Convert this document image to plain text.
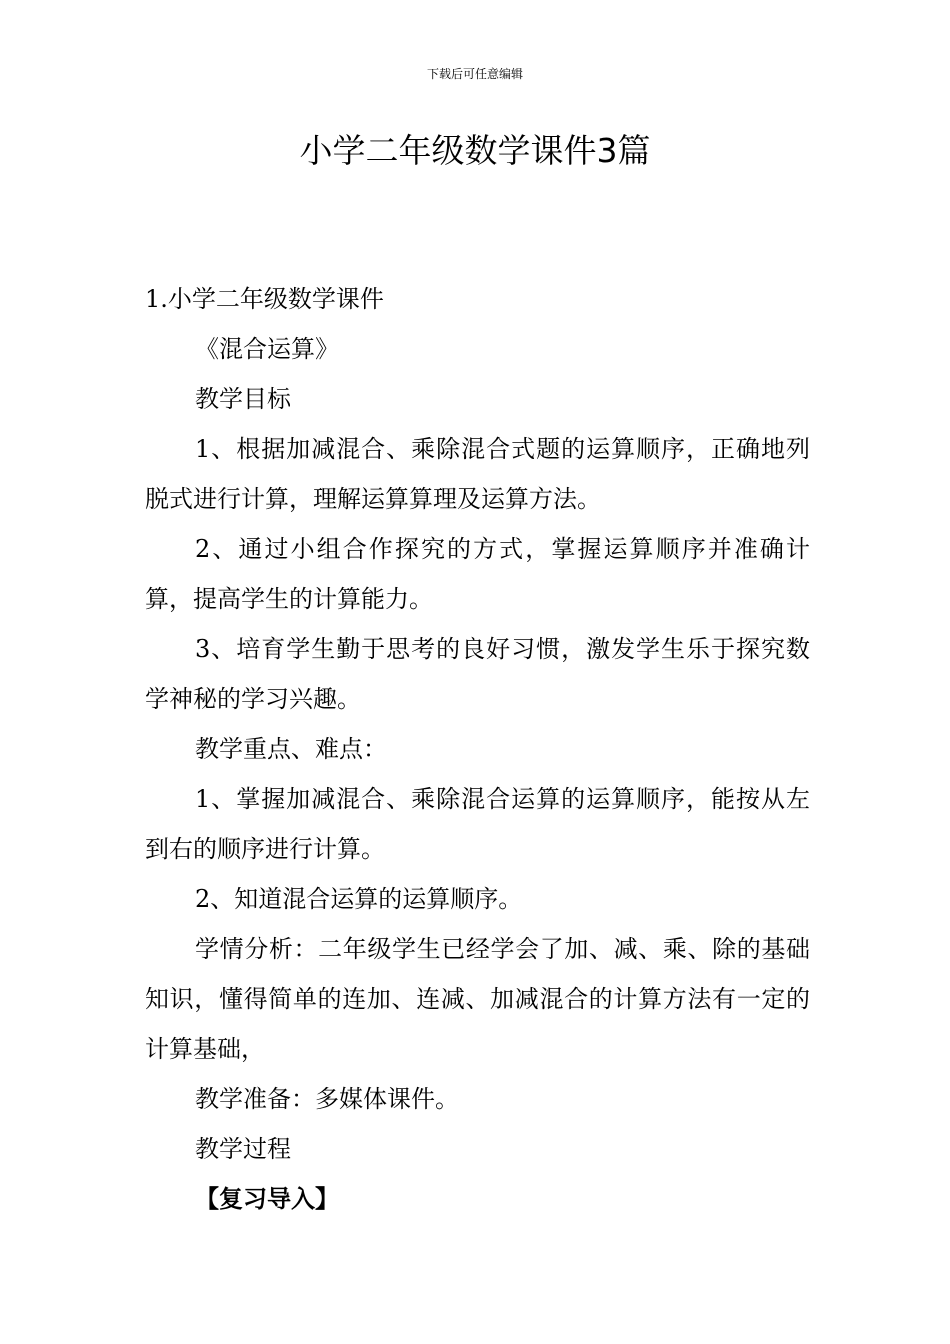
下载后可任意编辑
小学二年级数学课件3篇

1.小学二年级数学课件

《混合运算》

教学目标

1、根据加减混合、乘除混合式题的运算顺序，正确地列脱式进行计算，理解运算算理及运算方法。

2、通过小组合作探究的方式，掌握运算顺序并准确计算，提高学生的计算能力。

3、培育学生勤于思考的良好习惯，激发学生乐于探究数学神秘的学习兴趣。

教学重点、难点：

1、掌握加减混合、乘除混合运算的运算顺序，能按从左到右的顺序进行计算。

2、知道混合运算的运算顺序。

学情分析：二年级学生已经学会了加、减、乘、除的基础知识，懂得简单的连加、连减、加减混合的计算方法有一定的计算基础，

教学准备：多媒体课件。

教学过程

【复习导入】
